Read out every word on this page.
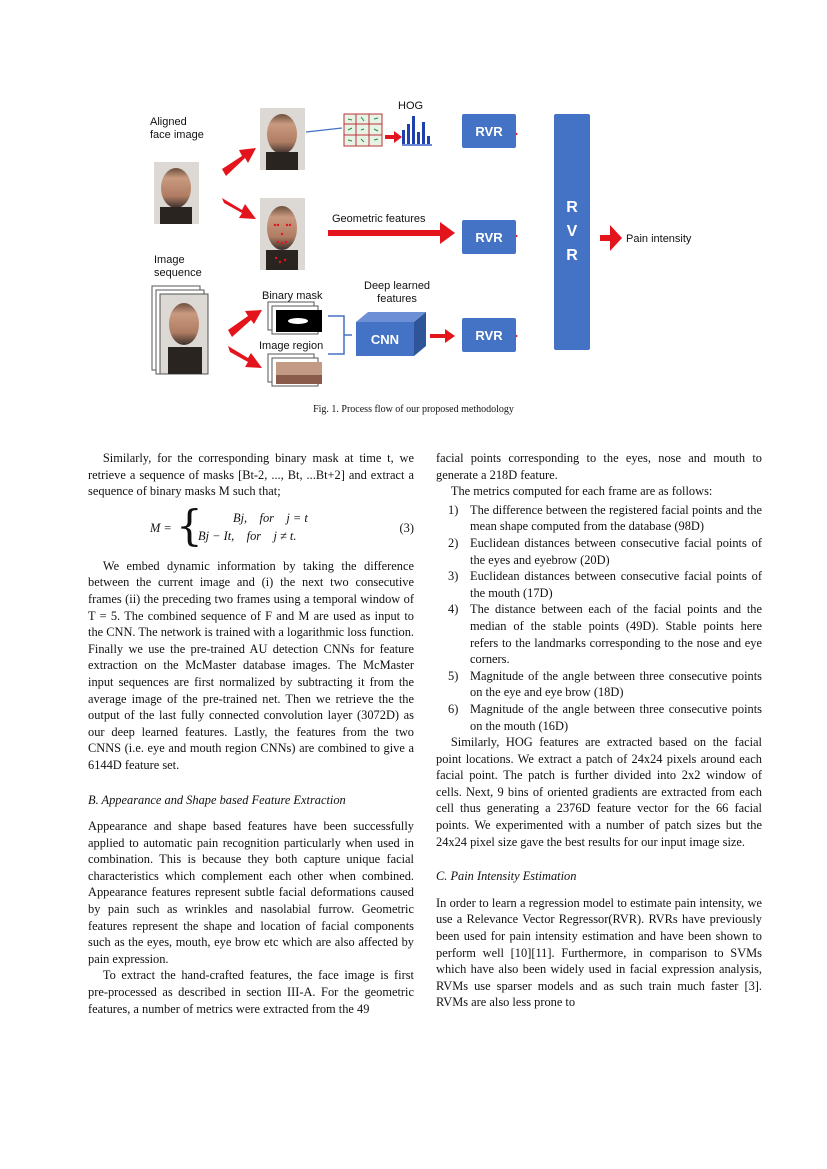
RVR
RVR
RVR
CNN
R
V
R
Aligned
face image
Image
sequence
HOG
Geometric features
Binary mask
Image region
Deep learned
features
Pain intensity
Fig. 1. Process flow of our proposed methodology

Similarly, for the corresponding binary mask at time t, we retrieve a sequence of masks [Bt-2, ..., Bt, ...Bt+2] and extract a sequence of binary masks M such that;

M = { Bj,    for    j = t
Bj − It,    for    j ≠ t.
(3)

We embed dynamic information by taking the difference between the current image and (i) the next two consecutive frames (ii) the preceding two frames using a temporal window of T = 5. The combined sequence of F and M are used as input to the CNN. The network is trained with a logarithmic loss function. Finally we use the pre-trained AU detection CNNs for feature extraction on the McMaster database images. The McMaster input sequences are first normalized by subtracting it from the average image of the pre-trained net. Then we retrieve the the output of the last fully connected convolution layer (3072D) as our deep learned features. Lastly, the features from the two CNNS (i.e. eye and mouth region CNNs) are combined to give a 6144D feature set.

B. Appearance and Shape based Feature Extraction

Appearance and shape based features have been successfully applied to automatic pain recognition particularly when used in combination. This is because they both capture unique facial characteristics which complement each other when combined. Appearance features represent subtle facial deformations caused by pain such as wrinkles and nasolabial furrow. Geometric features represent the shape and location of facial components such as the eyes, mouth, eye brow etc which are also affected by pain expression.

To extract the hand-crafted features, the face image is first pre-processed as described in section III-A. For the geometric features, a number of metrics were extracted from the 49

facial points corresponding to the eyes, nose and mouth to generate a 218D feature.

The metrics computed for each frame are as follows:

1) The difference between the registered facial points and the mean shape computed from the database (98D)
2) Euclidean distances between consecutive facial points of the eyes and eyebrow (20D)
3) Euclidean distances between consecutive facial points of the mouth (17D)
4) The distance between each of the facial points and the median of the stable points (49D). Stable points here refers to the landmarks corresponding to the nose and eye corners.
5) Magnitude of the angle between three consecutive points on the eye and eye brow (18D)
6) Magnitude of the angle between three consecutive points on the mouth (16D)

Similarly, HOG features are extracted based on the facial point locations. We extract a patch of 24x24 pixels around each facial point. The patch is further divided into 2x2 window of cells. Next, 9 bins of oriented gradients are extracted from each cell thus generating a 2376D feature vector for the 66 facial points. We experimented with a number of patch sizes but the 24x24 pixel size gave the best results for our input image size.

C. Pain Intensity Estimation

In order to learn a regression model to estimate pain intensity, we use a Relevance Vector Regressor(RVR). RVRs have previously been used for pain intensity estimation and have been shown to perform well [10][11]. Furthermore, in comparison to SVMs which have also been widely used in facial expression analysis, RVMs use sparser models and as such train much faster [3]. RVMs are also less prone to
